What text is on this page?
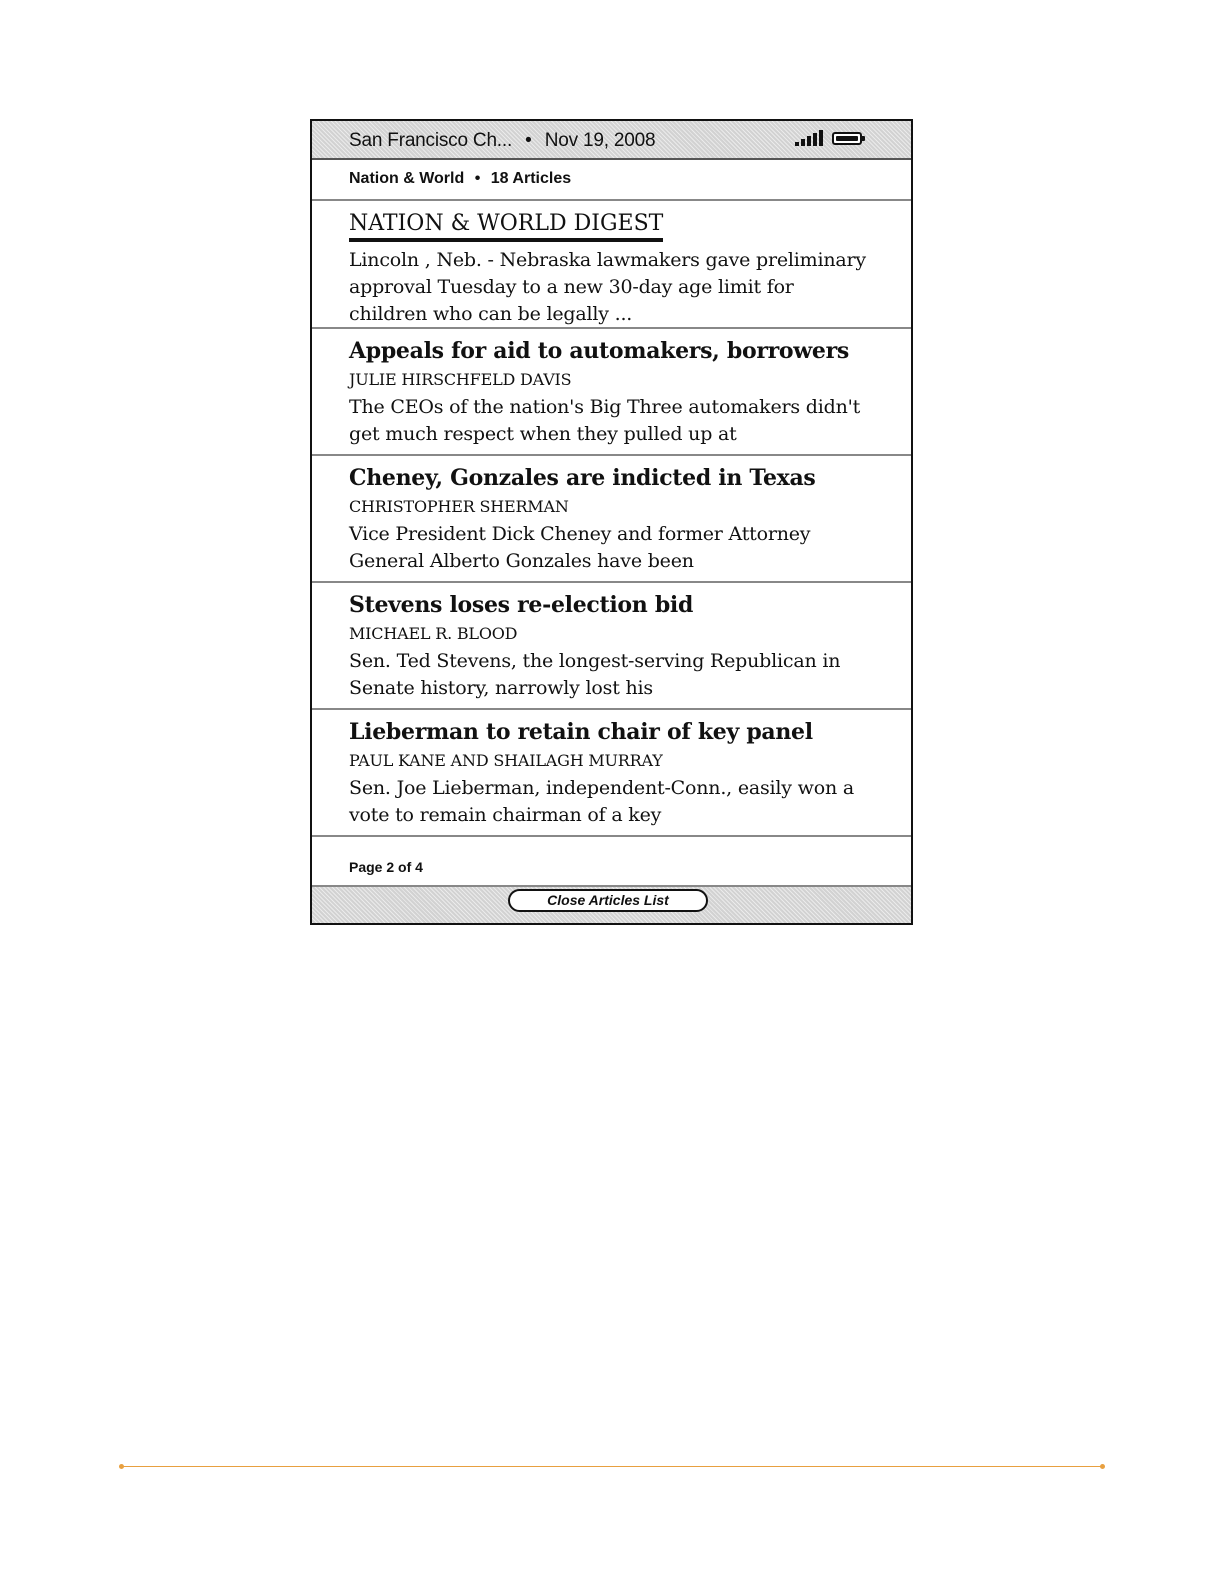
San Francisco Ch... • Nov 19, 2008
Nation & World • 18 Articles
NATION & WORLD DIGEST
Lincoln , Neb. - Nebraska lawmakers gave preliminary approval Tuesday to a new 30-day age limit for children who can be legally ...
Appeals for aid to automakers, borrowers
JULIE HIRSCHFELD DAVIS
The CEOs of the nation's Big Three automakers didn't get much respect when they pulled up at
Cheney, Gonzales are indicted in Texas
CHRISTOPHER SHERMAN
Vice President Dick Cheney and former Attorney General Alberto Gonzales have been
Stevens loses re-election bid
MICHAEL R. BLOOD
Sen. Ted Stevens, the longest-serving Republican in Senate history, narrowly lost his
Lieberman to retain chair of key panel
PAUL KANE AND SHAILAGH MURRAY
Sen. Joe Lieberman, independent-Conn., easily won a vote to remain chairman of a key
Page 2 of 4
Close Articles List
